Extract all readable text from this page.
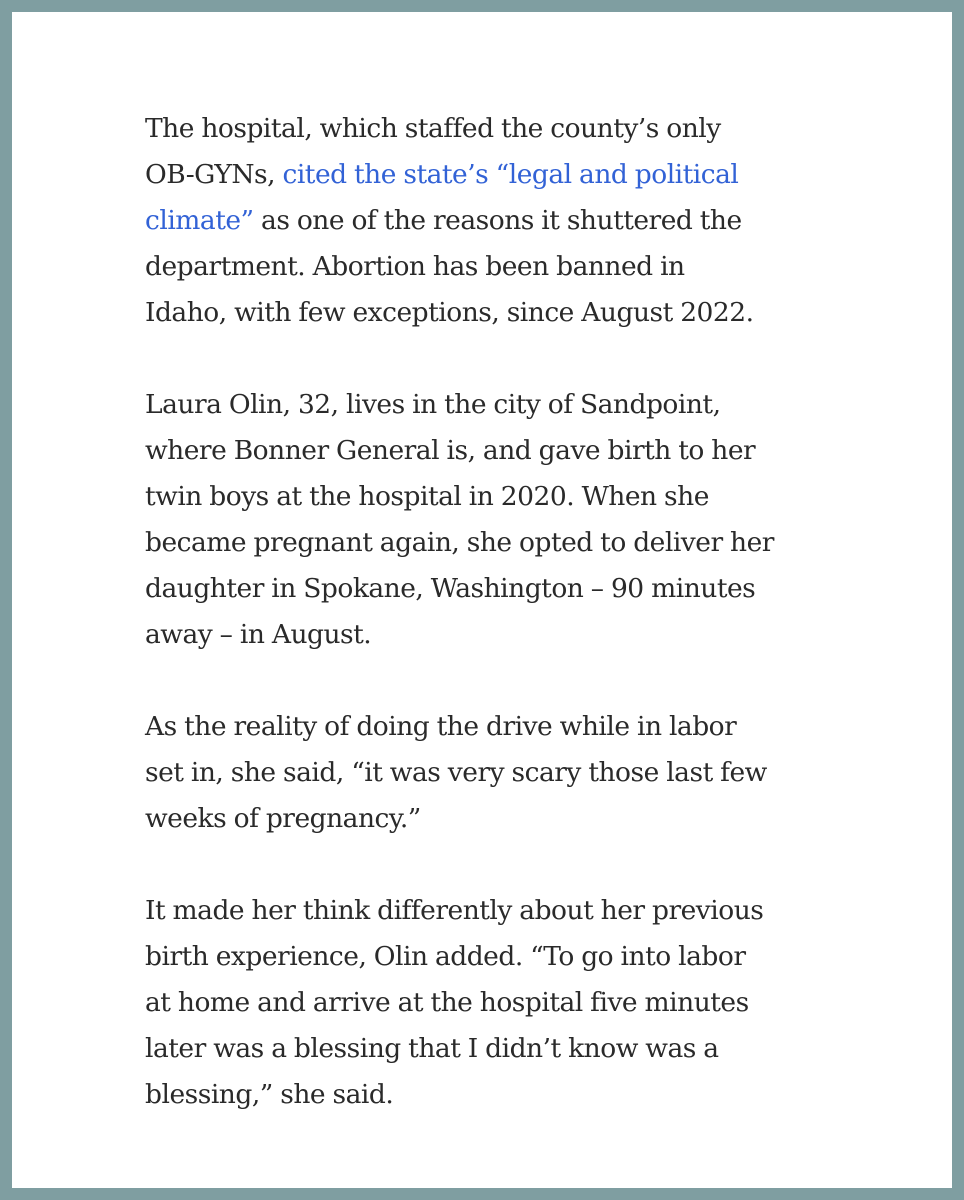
The hospital, which staffed the county’s only
OB-GYNs, cited the state’s “legal and political
climate” as one of the reasons it shuttered the
department. Abortion has been banned in
Idaho, with few exceptions, since August 2022.

Laura Olin, 32, lives in the city of Sandpoint,
where Bonner General is, and gave birth to her
twin boys at the hospital in 2020. When she
became pregnant again, she opted to deliver her
daughter in Spokane, Washington – 90 minutes
away – in August.

As the reality of doing the drive while in labor
set in, she said, “it was very scary those last few
weeks of pregnancy.”

It made her think differently about her previous
birth experience, Olin added. “To go into labor
at home and arrive at the hospital five minutes
later was a blessing that I didn’t know was a
blessing,” she said.
